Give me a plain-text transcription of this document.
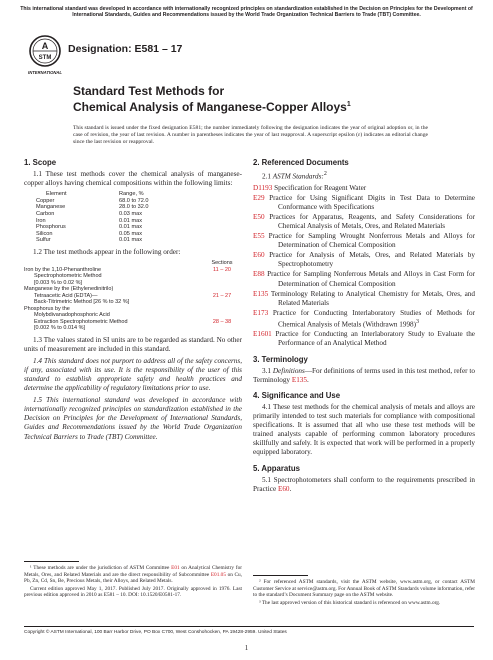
This international standard was developed in accordance with internationally recognized principles on standardization established in the Decision on Principles for the Development of International Standards, Guides and Recommendations issued by the World Trade Organization Technical Barriers to Trade (TBT) Committee.
A
STM
INTERNATIONAL
Designation: E581 – 17
Standard Test Methods for
Chemical Analysis of Manganese-Copper Alloys$^1$
This standard is issued under the fixed designation E581; the number immediately following the designation indicates the year of original adoption or, in the case of revision, the year of last revision. A number in parentheses indicates the year of last reapproval. A superscript epsilon (ε) indicates an editorial change since the last revision or reapproval.
1. Scope

1.1 These test methods cover the chemical analysis of manganese-copper alloys having chemical compositions within the following limits:

Element	Range, %
Copper	68.0 to 72.0
Manganese	28.0 to 32.0
Carbon	0.03 max
Iron	0.01 max
Phosphorus	0.01 max
Silicon	0.05 max
Sulfur	0.01 max

1.2 The test methods appear in the following order:

Sections
Iron by the 1,10-Phenanthroline	11 – 20
Spectrophotometric Method
[0.003 % to 0.02 %]
Manganese by the (Ethylenedinitrilo)
Tetraacetic Acid (EDTA)—	21 – 27
Back-Titrimetric Method [26 % to 32 %]
Phosphorus by the
Molybdivanadophosphoric Acid
Extraction Spectrophotometric Method	28 – 38
[0.002 % to 0.014 %]

1.3 The values stated in SI units are to be regarded as standard. No other units of measurement are included in this standard.

1.4 This standard does not purport to address all of the safety concerns, if any, associated with its use. It is the responsibility of the user of this standard to establish appropriate safety and health practices and determine the applicability of regulatory limitations prior to use.

1.5 This international standard was developed in accordance with internationally recognized principles on standardization established in the Decision on Principles for the Development of International Standards, Guides and Recommendations issued by the World Trade Organization Technical Barriers to Trade (TBT) Committee.

2. Referenced Documents
2.1 ASTM Standards:$^2$
D1193 Specification for Reagent Water
E29 Practice for Using Significant Digits in Test Data to Determine Conformance with Specifications
E50 Practices for Apparatus, Reagents, and Safety Considerations for Chemical Analysis of Metals, Ores, and Related Materials
E55 Practice for Sampling Wrought Nonferrous Metals and Alloys for Determination of Chemical Composition
E60 Practice for Analysis of Metals, Ores, and Related Materials by Spectrophotometry
E88 Practice for Sampling Nonferrous Metals and Alloys in Cast Form for Determination of Chemical Composition
E135 Terminology Relating to Analytical Chemistry for Metals, Ores, and Related Materials
E173 Practice for Conducting Interlaboratory Studies of Methods for Chemical Analysis of Metals (Withdrawn 1998)$^3$
E1601 Practice for Conducting an Interlaboratory Study to Evaluate the Performance of an Analytical Method
3. Terminology

3.1 Definitions—For definitions of terms used in this test method, refer to Terminology E135.

4. Significance and Use

4.1 These test methods for the chemical analysis of metals and alloys are primarily intended to test such materials for compliance with compositional specifications. It is assumed that all who use these test methods will be trained analysts capable of performing common laboratory procedures skillfully and safely. It is expected that work will be performed in a properly equipped laboratory.

5. Apparatus

5.1 Spectrophotometers shall conform to the requirements prescribed in Practice E60.

¹ These methods are under the jurisdiction of ASTM Committee E01 on Analytical Chemistry for Metals, Ores, and Related Materials and are the direct responsibility of Subcommittee E01.05 on Cu, Pb, Zn, Cd, Sn, Be, Precious Metals, their Alloys, and Related Metals.

Current edition approved May 1, 2017. Published July 2017. Originally approved in 1976. Last previous edition approved in 2010 as E581 – 10. DOI: 10.1520/E0581-17.

² For referenced ASTM standards, visit the ASTM website, www.astm.org, or contact ASTM Customer Service at service@astm.org. For Annual Book of ASTM Standards volume information, refer to the standard’s Document Summary page on the ASTM website.

³ The last approved version of this historical standard is referenced on www.astm.org.

Copyright © ASTM International, 100 Barr Harbor Drive, PO Box C700, West Conshohocken, PA 19428-2959. United States
1
